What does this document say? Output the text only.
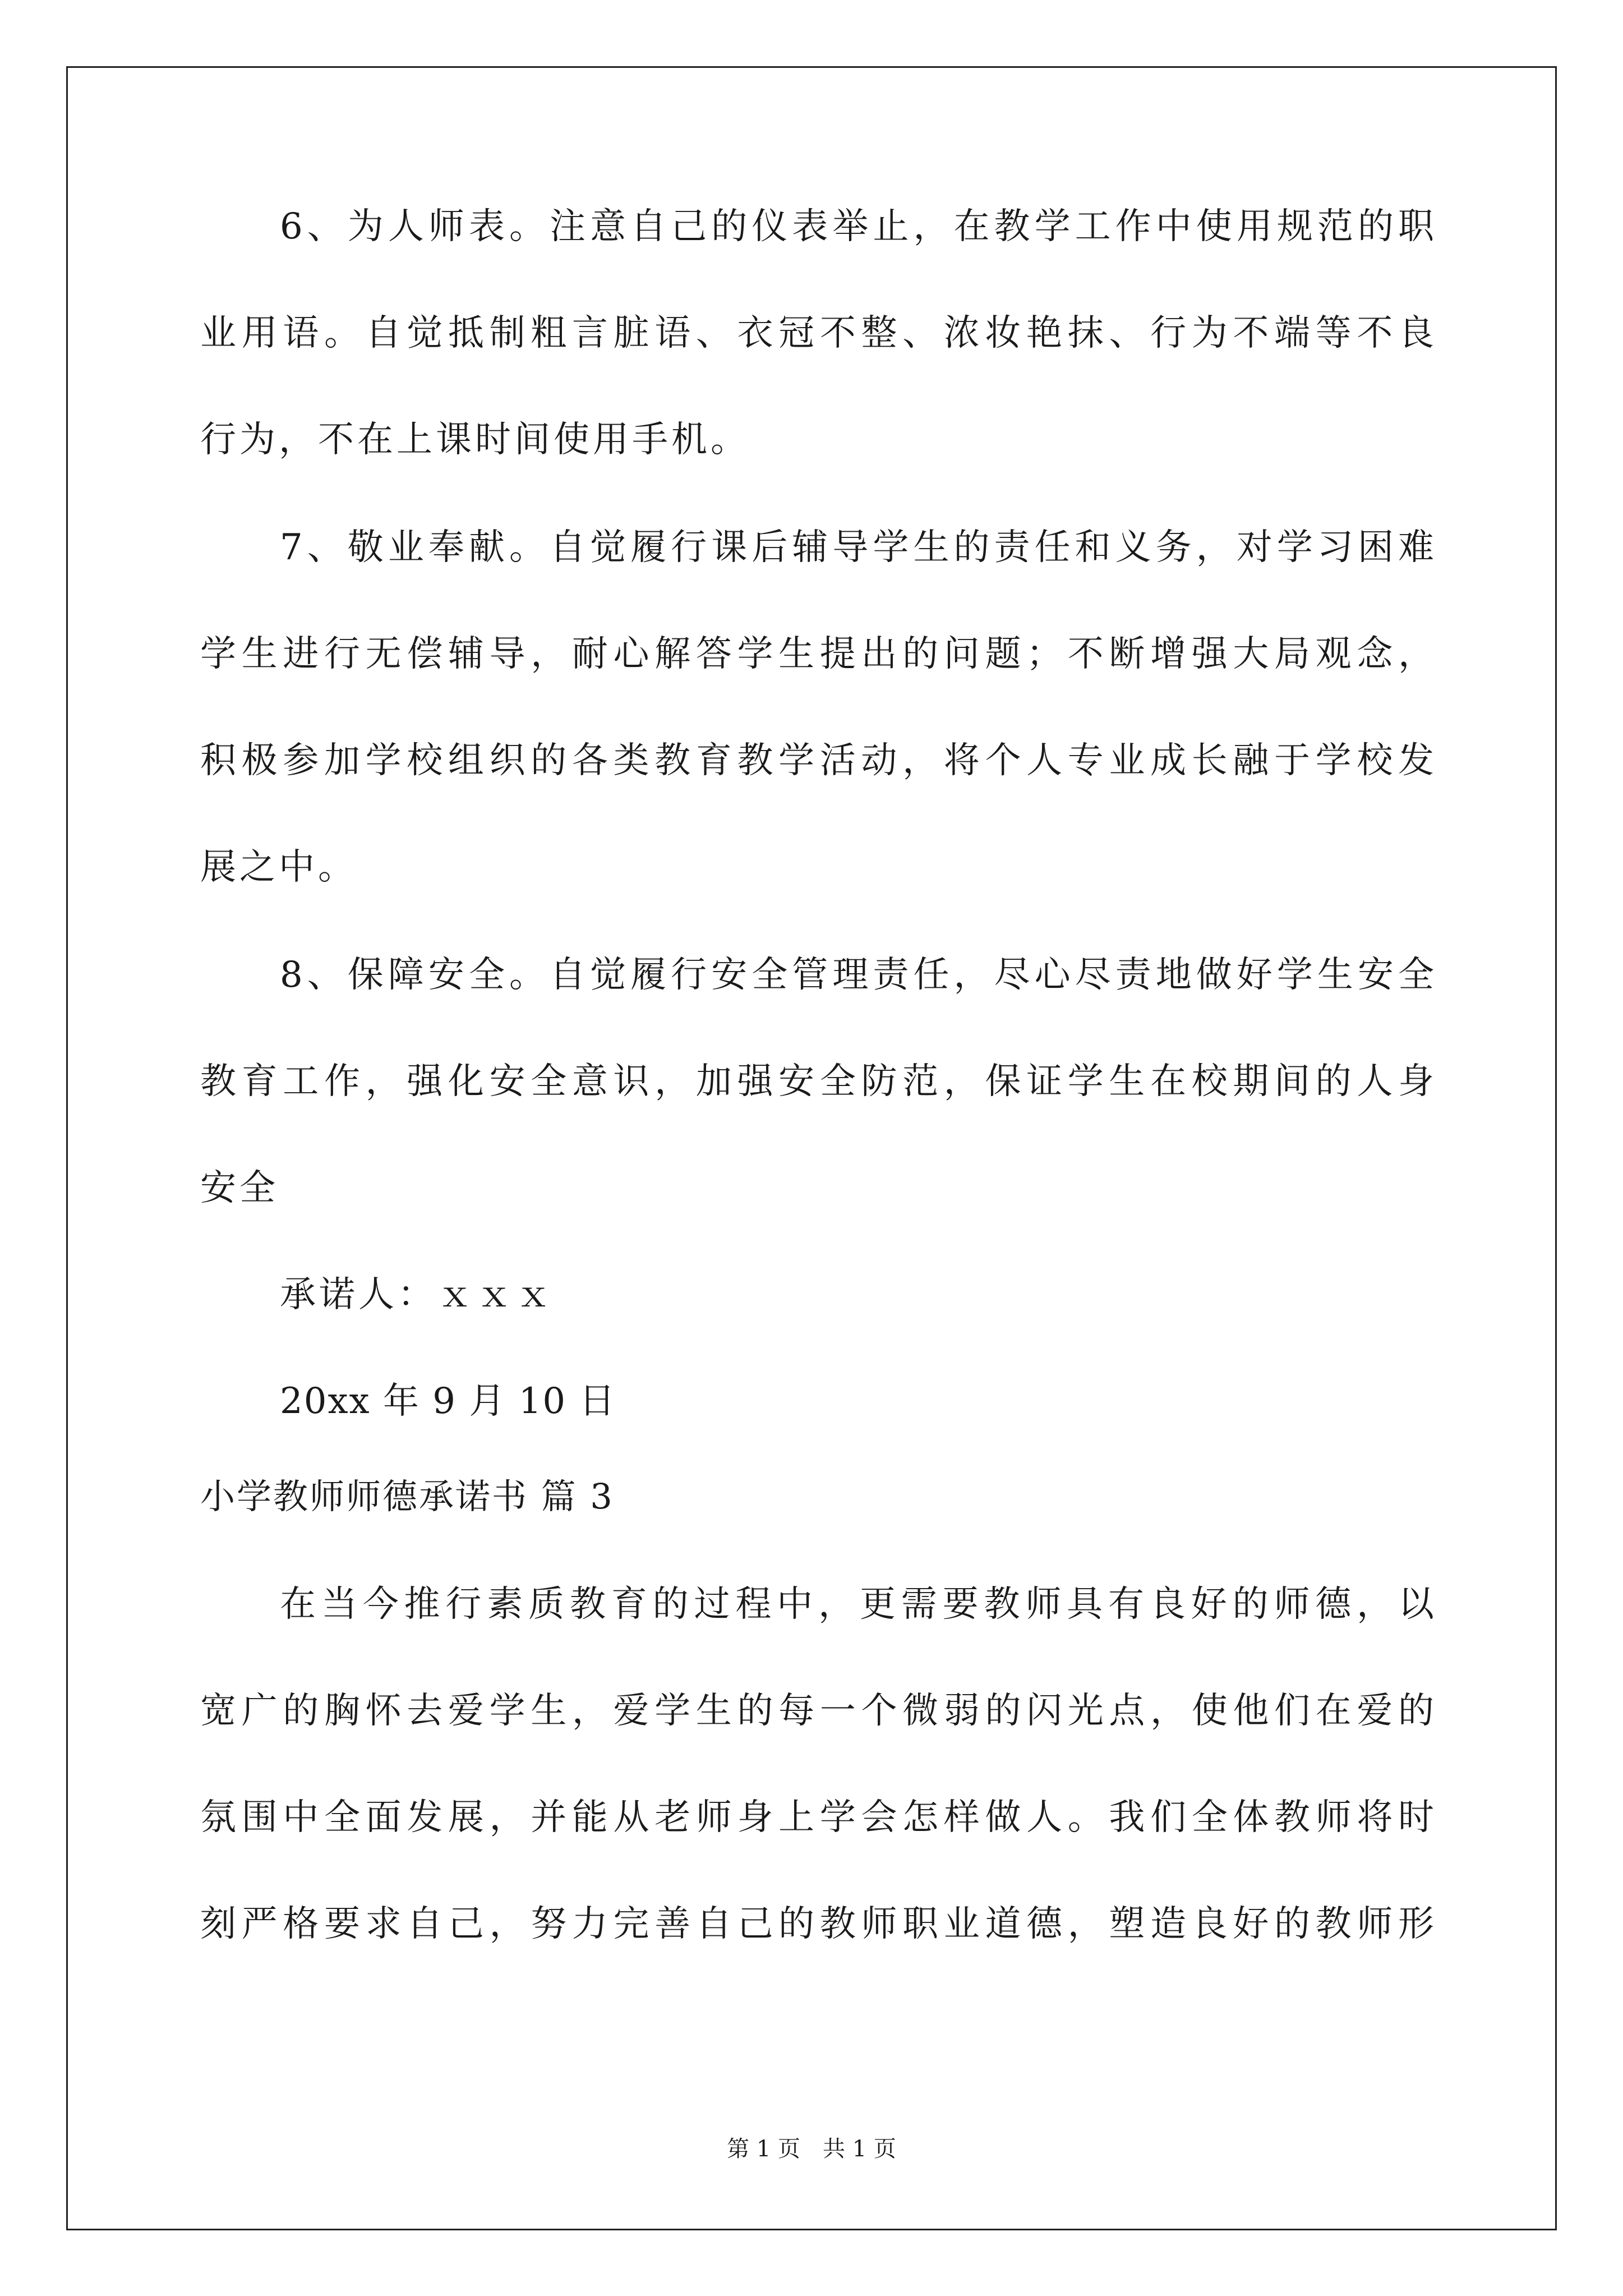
6、为人师表。注意自己的仪表举止，在教学工作中使用规范的职
业用语。自觉抵制粗言脏语、衣冠不整、浓妆艳抹、行为不端等不良
行为，不在上课时间使用手机。
7、敬业奉献。自觉履行课后辅导学生的责任和义务，对学习困难
学生进行无偿辅导，耐心解答学生提出的问题；不断增强大局观念，
积极参加学校组织的各类教育教学活动，将个人专业成长融于学校发
展之中。
8、保障安全。自觉履行安全管理责任，尽心尽责地做好学生安全
教育工作，强化安全意识，加强安全防范，保证学生在校期间的人身
安全
承诺人：ｘｘｘ
20xx 年 9 月 10 日
小学教师师德承诺书 篇 3
在当今推行素质教育的过程中，更需要教师具有良好的师德，以
宽广的胸怀去爱学生，爱学生的每一个微弱的闪光点，使他们在爱的
氛围中全面发展，并能从老师身上学会怎样做人。我们全体教师将时
刻严格要求自己，努力完善自己的教师职业道德，塑造良好的教师形
第 1 页　共 1 页
